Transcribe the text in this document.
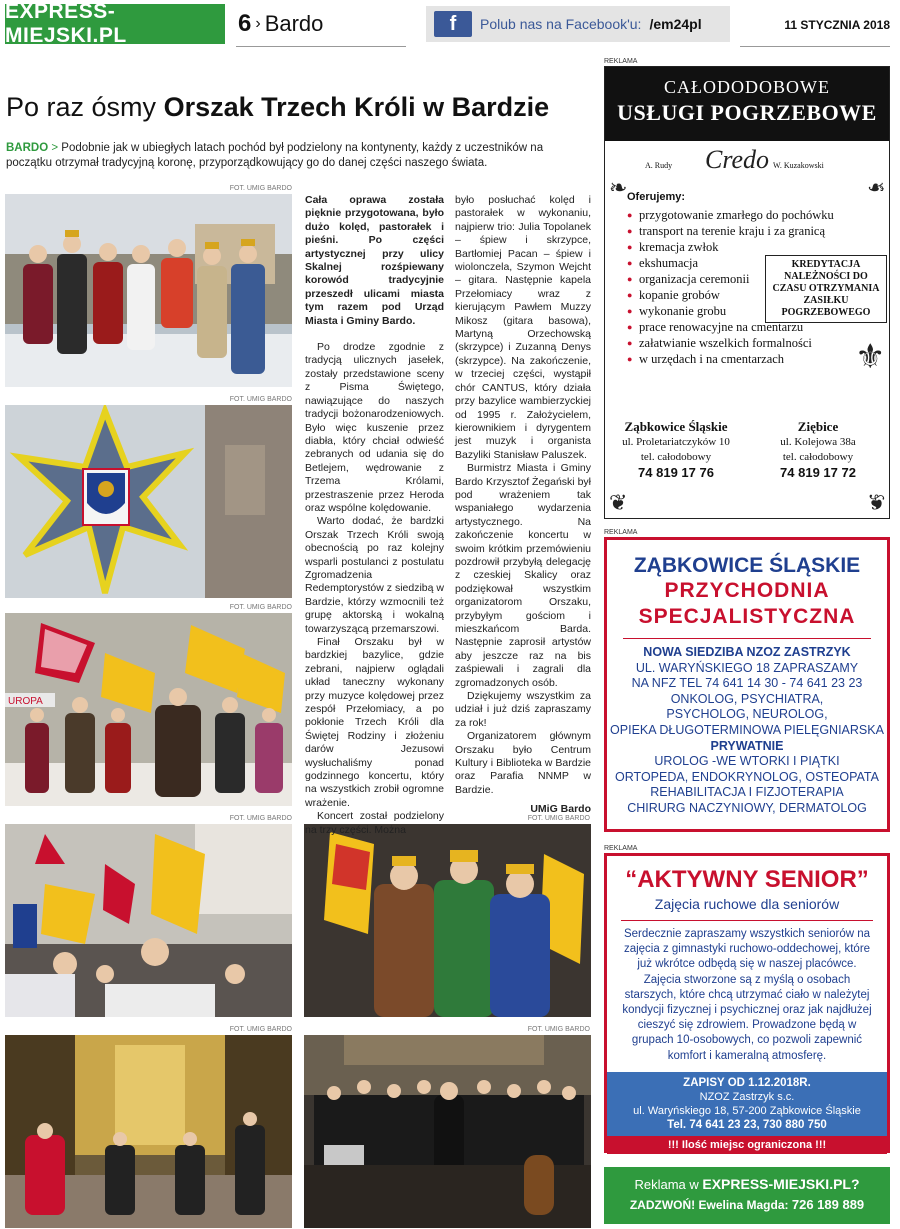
EXPRESS-MIEJSKI.PL	6 › Bardo	f	Polub nas na Facebook'u: /em24pl	11 STYCZNIA 2018
Po raz ósmy Orszak Trzech Króli w Bardzie
BARDO > Podobnie jak w ubiegłych latach pochód był podzielony na kontynenty, każdy z uczestników na początku otrzymał tradycyjną koronę, przyporządkowujący go do danej części naszego świata.
FOT. UMIG BARDO
FOT. UMIG BARDO
FOT. UMIG BARDO
UROPA
FOT. UMIG BARDO	FOT. UMIG BARDO
FOT. UMIG BARDO	FOT. UMIG BARDO

Cała oprawa została pięknie przygotowana, było dużo kolęd, pastorałek i pieśni. Po części artystycznej przy ulicy Skalnej rozśpiewany korowód tradycyjnie przeszedł ulicami miasta tym razem pod Urząd Miasta i Gminy Bardo.

Po drodze zgodnie z tradycją ulicznych jasełek, zostały przedstawione sceny z Pisma Świętego, nawiązujące do naszych tradycji bożonarodzeniowych. Było więc kuszenie przez diabła, który chciał odwieść zebranych od udania się do Betlejem, wędrowanie z Trzema Królami, przestraszenie przez Heroda oraz wspólne kolędowanie.

Warto dodać, że bardzki Orszak Trzech Króli swoją obecnością po raz kolejny wsparli postulanci z postulatu Zgromadzenia Redemptorystów z siedzibą w Bardzie, którzy wzmocnili też grupę aktorską i wokalną towarzyszącą przemarszowi.

Finał Orszaku był w bardzkiej bazylice, gdzie zebrani, najpierw oglądali układ taneczny wykonany przy muzyce kolędowej przez zespół Przełomiacy, a po pokłonie Trzech Króli dla Świętej Rodziny i złożeniu darów Jezusowi wysłuchaliśmy ponad godzinnego koncertu, który na wszystkich zrobił ogromne wrażenie.

Koncert został podzielony na trzy części. Można

było posłuchać kolęd i pastorałek w wykonaniu, najpierw trio: Julia Topolanek – śpiew i skrzypce, Bartłomiej Pacan – śpiew i wiolonczela, Szymon Wejcht – gitara. Następnie kapela Przełomiacy wraz z kierującym Pawłem Muzzy Mikosz (gitara basowa), Martyną Orzechowską (skrzypce) i Zuzanną Denys (skrzypce). Na zakończenie, w trzeciej części, wystąpił chór CANTUS, który działa przy bazylice wambierzyckiej od 1995 r. Założycielem, kierownikiem i dyrygentem jest muzyk i organista Bazyliki Stanisław Paluszek.

Burmistrz Miasta i Gminy Bardo Krzysztof Żegański był pod wrażeniem tak wspaniałego wydarzenia artystycznego. Na zakończenie koncertu w swoim krótkim przemówieniu pozdrowił przybyłą delegację z czeskiej Skalicy oraz podziękował wszystkim organizatorom Orszaku, przybyłym gościom i mieszkańcom Barda. Następnie zaprosił artystów aby jeszcze raz na bis zaśpiewali i zagrali dla zgromadzonych osób.

Dziękujemy wszystkim za udział i już dziś zapraszamy za rok!

Organizatorem głównym Orszaku było Centrum Kultury i Biblioteka w Bardzie oraz Parafia NNMP w Bardzie.

UMiG Bardo
REKLAMA
CAŁODODOBOWE
USŁUGI POGRZEBOWE
A. Rudy Credo W. Kuzakowski
❧	❧
Oferujemy:
● przygotowanie zmarłego do pochówku
● transport na terenie kraju i za granicą
● kremacja zwłok
● ekshumacja
● organizacja ceremonii
● kopanie grobów
● wykonanie grobu
● prace renowacyjne na cmentarzu
● załatwianie wszelkich formalności
● w urzędach i na cmentarzach
KREDYTACJA NALEŻNOŚCI DO CZASU OTRZYMANIA ZASIŁKU POGRZEBOWEGO
⚜
Ząbkowice Śląskie
ul. Proletariatczyków 10
tel. całodobowy
74 819 17 76
Ziębice
ul. Kolejowa 38a
tel. całodobowy
74 819 17 72
❦	❦
REKLAMA
ZĄBKOWICE ŚLĄSKIE
PRZYCHODNIA
SPECJALISTYCZNA
NOWA SIEDZIBA NZOZ ZASTRZYK
UL. WARYŃSKIEGO 18 ZAPRASZAMY
NA NFZ TEL 74 641 14 30 - 74 641 23 23
ONKOLOG, PSYCHIATRA,
PSYCHOLOG, NEUROLOG,
OPIEKA DŁUGOTERMINOWA PIELĘGNIARSKA
PRYWATNIE
UROLOG -WE WTORKI I PIĄTKI
ORTOPEDA, ENDOKRYNOLOG, OSTEOPATA
REHABILITACJA I FIZJOTERAPIA
CHIRURG NACZYNIOWY, DERMATOLOG
REKLAMA
“AKTYWNY SENIOR”
Zajęcia ruchowe dla seniorów
Serdecznie zapraszamy wszystkich seniorów na zajęcia z gimnastyki ruchowo-oddechowej, które już wkrótce odbędą się w naszej placówce.
Zajęcia stworzone są z myślą o osobach starszych, które chcą utrzymać ciało w należytej kondycji fizycznej i psychicznej oraz jak najdłużej cieszyć się zdrowiem. Prowadzone będą w grupach 10-osobowych, co pozwoli zapewnić komfort i kameralną atmosferę.
ZAPISY OD 1.12.2018R.
NZOZ Zastrzyk s.c.
ul. Waryńskiego 18, 57-200 Ząbkowice Śląskie
Tel. 74 641 23 23, 730 880 750
!!! Ilość miejsc ograniczona !!!
Reklama w EXPRESS-MIEJSKI.PL?
ZADZWOŃ! Ewelina Magda: 726 189 889
